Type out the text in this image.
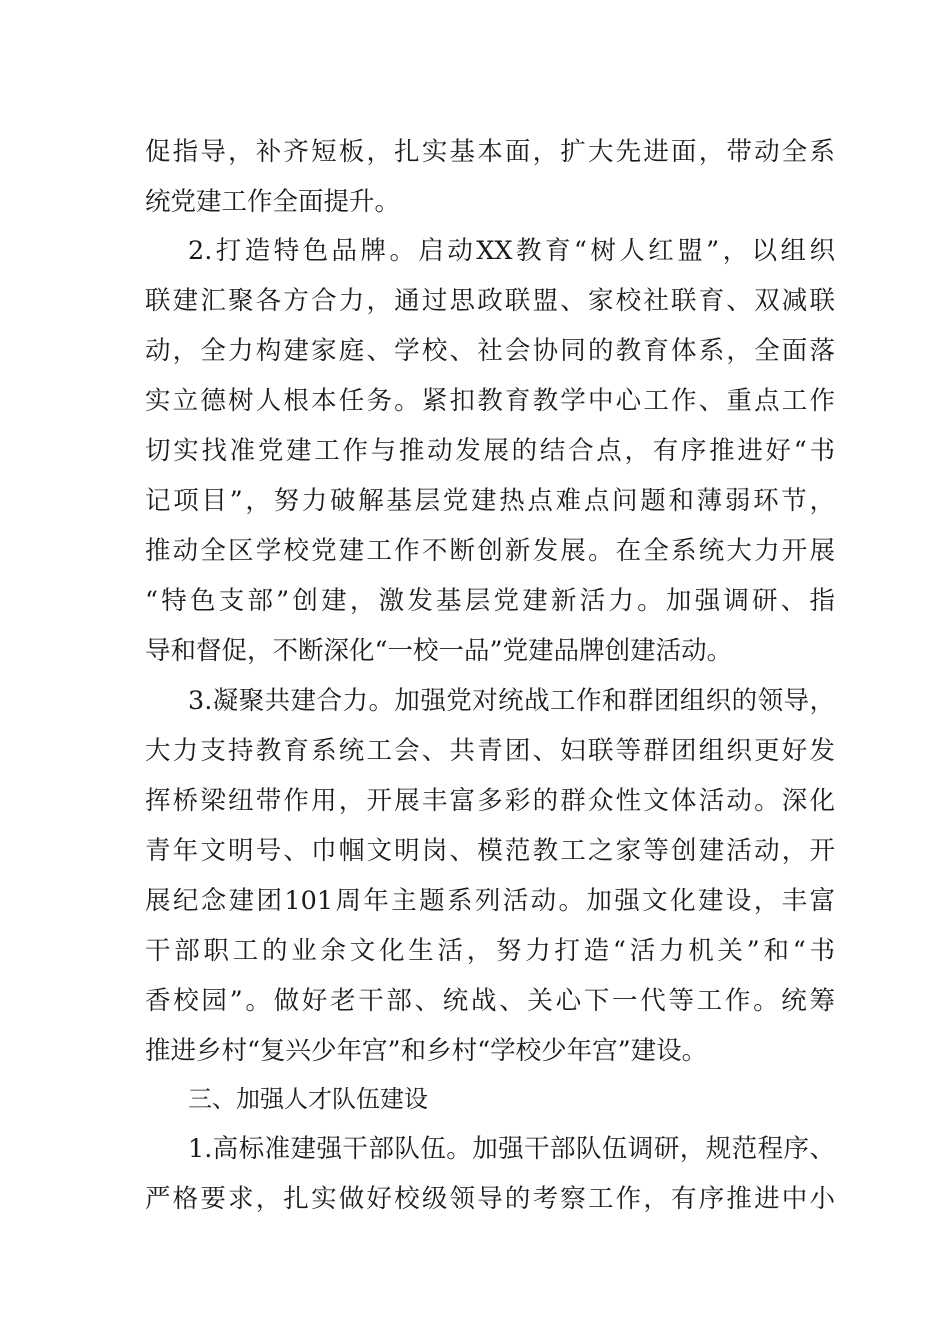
促指导，补齐短板，扎实基本面，扩大先进面，带动全系
统党建工作全面提升。
2.打造特色品牌。启动XX教育“树人红盟”，以组织
联建汇聚各方合力，通过思政联盟、家校社联育、双减联
动，全力构建家庭、学校、社会协同的教育体系，全面落
实立德树人根本任务。紧扣教育教学中心工作、重点工作
切实找准党建工作与推动发展的结合点，有序推进好“书
记项目”，努力破解基层党建热点难点问题和薄弱环节，
推动全区学校党建工作不断创新发展。在全系统大力开展
“特色支部”创建，激发基层党建新活力。加强调研、指
导和督促，不断深化“一校一品”党建品牌创建活动。
3.凝聚共建合力。加强党对统战工作和群团组织的领导，
大力支持教育系统工会、共青团、妇联等群团组织更好发
挥桥梁纽带作用，开展丰富多彩的群众性文体活动。深化
青年文明号、巾帼文明岗、模范教工之家等创建活动，开
展纪念建团101周年主题系列活动。加强文化建设，丰富
干部职工的业余文化生活，努力打造“活力机关”和“书
香校园”。做好老干部、统战、关心下一代等工作。统筹
推进乡村“复兴少年宫”和乡村“学校少年宫”建设。
三、加强人才队伍建设
1.高标准建强干部队伍。加强干部队伍调研，规范程序、
严格要求，扎实做好校级领导的考察工作，有序推进中小
